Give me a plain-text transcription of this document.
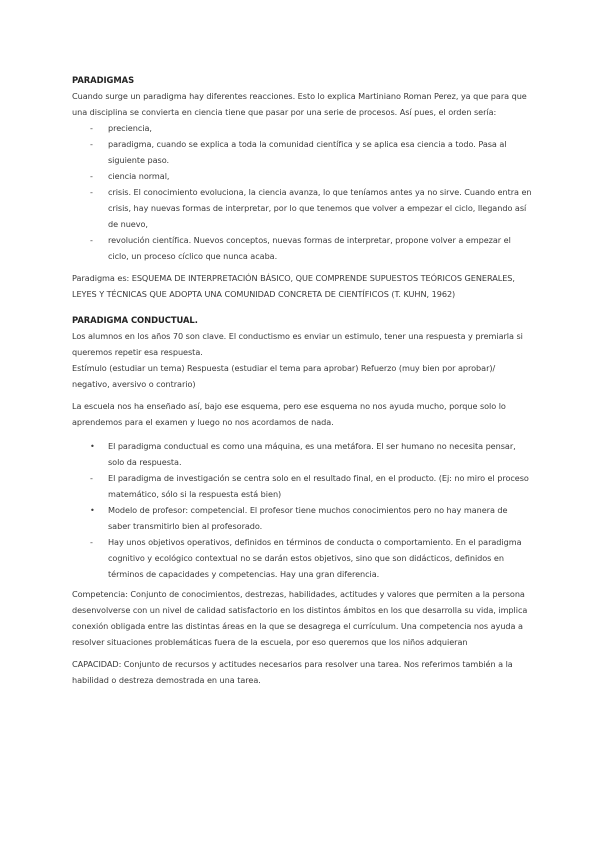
PARADIGMAS

Cuando surge un paradigma hay diferentes reacciones. Esto lo explica Martiniano Roman Perez, ya que para que una disciplina se convierta en ciencia tiene que pasar por una serie de procesos. Así pues, el orden sería:

-	preciencia,
-	paradigma, cuando se explica a toda la comunidad científica y se aplica esa ciencia a todo. Pasa al siguiente paso.
-	ciencia normal,
-	crisis. El conocimiento evoluciona, la ciencia avanza, lo que teníamos antes ya no sirve. Cuando entra en crisis, hay nuevas formas de interpretar, por lo que tenemos que volver a empezar el ciclo, llegando así de nuevo,
-	revolución científica. Nuevos conceptos, nuevas formas de interpretar, propone volver a empezar el ciclo, un proceso cíclico que nunca acaba.

Paradigma es: ESQUEMA DE INTERPRETACIÓN BÁSICO, QUE COMPRENDE SUPUESTOS TEÓRICOS GENERALES, LEYES Y TÉCNICAS QUE ADOPTA UNA COMUNIDAD CONCRETA DE CIENTÍFICOS (T. KUHN, 1962)

PARADIGMA CONDUCTUAL.

Los alumnos en los años 70 son clave. El conductismo es enviar un estimulo, tener una respuesta y premiarla si queremos repetir esa respuesta.

Estímulo (estudiar un tema) Respuesta (estudiar el tema para aprobar) Refuerzo (muy bien por aprobar)/ negativo, aversivo o contrario)

La escuela nos ha enseñado así, bajo ese esquema, pero ese esquema no nos ayuda mucho, porque solo lo aprendemos para el examen y luego no nos acordamos de nada.

•	El paradigma conductual es como una máquina, es una metáfora. El ser humano no necesita pensar, solo da respuesta.
-	El paradigma de investigación se centra solo en el resultado final, en el producto. (Ej: no miro el proceso matemático, sólo si la respuesta está bien)
•	Modelo de profesor: competencial. El profesor tiene muchos conocimientos pero no hay manera de saber transmitirlo bien al profesorado.
-	Hay unos objetivos operativos, definidos en términos de conducta o comportamiento. En el paradigma cognitivo y ecológico contextual no se darán estos objetivos, sino que son didácticos, definidos en términos de capacidades y competencias. Hay una gran diferencia.

Competencia: Conjunto de conocimientos, destrezas, habilidades, actitudes y valores que permiten a la persona desenvolverse con un nivel de calidad satisfactorio en los distintos ámbitos en los que desarrolla su vida, implica conexión obligada entre las distintas áreas en la que se desagrega el currículum. Una competencia nos ayuda a resolver situaciones problemáticas fuera de la escuela, por eso queremos que los niños adquieran

CAPACIDAD: Conjunto de recursos y actitudes necesarios para resolver una tarea. Nos referimos también a la habilidad o destreza demostrada en una tarea.
